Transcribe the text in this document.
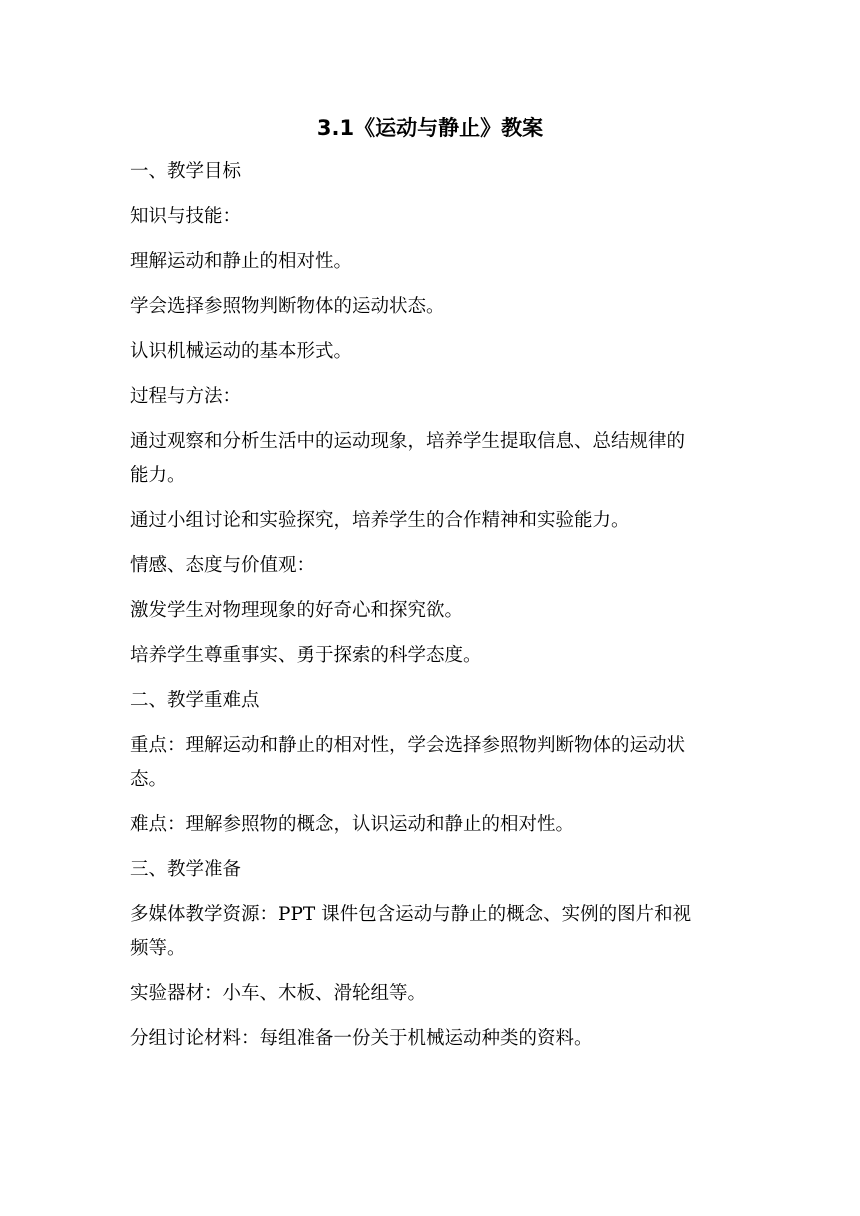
3.1《运动与静止》教案
一、教学目标
知识与技能：
理解运动和静止的相对性。
学会选择参照物判断物体的运动状态。
认识机械运动的基本形式。
过程与方法：
通过观察和分析生活中的运动现象，培养学生提取信息、总结规律的
能力。
通过小组讨论和实验探究，培养学生的合作精神和实验能力。
情感、态度与价值观：
激发学生对物理现象的好奇心和探究欲。
培养学生尊重事实、勇于探索的科学态度。
二、教学重难点
重点：理解运动和静止的相对性，学会选择参照物判断物体的运动状
态。
难点：理解参照物的概念，认识运动和静止的相对性。
三、教学准备
多媒体教学资源：PPT 课件包含运动与静止的概念、实例的图片和视
频等。
实验器材：小车、木板、滑轮组等。
分组讨论材料：每组准备一份关于机械运动种类的资料。
